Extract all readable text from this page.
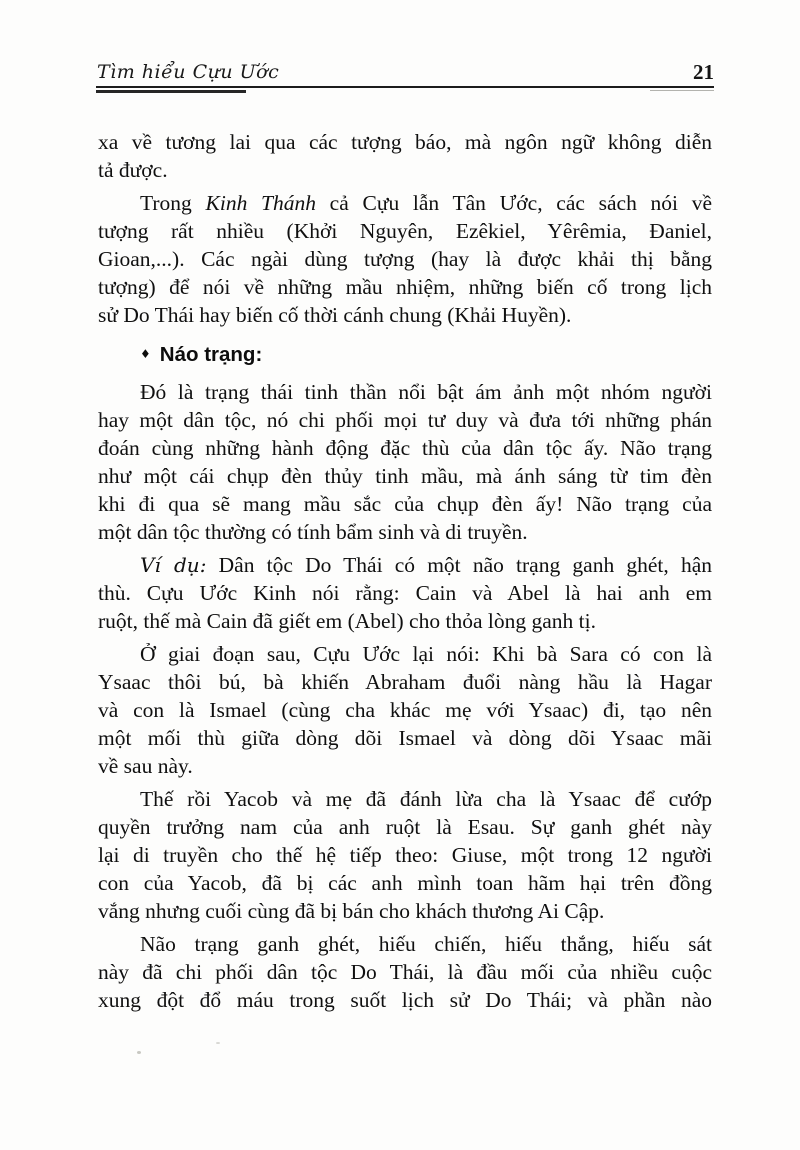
Tìm hiểu Cựu Ước	21
xa về tương lai qua các tượng báo, mà ngôn ngữ không diễn
tả được.
Trong Kinh Thánh cả Cựu lẫn Tân Ước, các sách nói về
tượng rất nhiều (Khởi Nguyên, Ezêkiel, Yêrêmia, Đaniel,
Gioan,...). Các ngài dùng tượng (hay là được khải thị bằng
tượng) để nói về những mầu nhiệm, những biến cố trong lịch
sử Do Thái hay biến cố thời cánh chung (Khải Huyền).
♦ Náo trạng:
Đó là trạng thái tinh thần nổi bật ám ảnh một nhóm người
hay một dân tộc, nó chi phối mọi tư duy và đưa tới những phán
đoán cùng những hành động đặc thù của dân tộc ấy. Não trạng
như một cái chụp đèn thủy tinh mầu, mà ánh sáng từ tim đèn
khi đi qua sẽ mang mầu sắc của chụp đèn ấy! Não trạng của
một dân tộc thường có tính bẩm sinh và di truyền.
Ví dụ: Dân tộc Do Thái có một não trạng ganh ghét, hận
thù. Cựu Ước Kinh nói rằng: Cain và Abel là hai anh em
ruột, thế mà Cain đã giết em (Abel) cho thỏa lòng ganh tị.
Ở giai đoạn sau, Cựu Ước lại nói: Khi bà Sara có con là
Ysaac thôi bú, bà khiến Abraham đuổi nàng hầu là Hagar
và con là Ismael (cùng cha khác mẹ với Ysaac) đi, tạo nên
một mối thù giữa dòng dõi Ismael và dòng dõi Ysaac mãi
về sau này.
Thế rồi Yacob và mẹ đã đánh lừa cha là Ysaac để cướp
quyền trưởng nam của anh ruột là Esau. Sự ganh ghét này
lại di truyền cho thế hệ tiếp theo: Giuse, một trong 12 người
con của Yacob, đã bị các anh mình toan hãm hại trên đồng
vắng nhưng cuối cùng đã bị bán cho khách thương Ai Cập.
Não trạng ganh ghét, hiếu chiến, hiếu thắng, hiếu sát
này đã chi phối dân tộc Do Thái, là đầu mối của nhiều cuộc
xung đột đổ máu trong suốt lịch sử Do Thái; và phần nào
